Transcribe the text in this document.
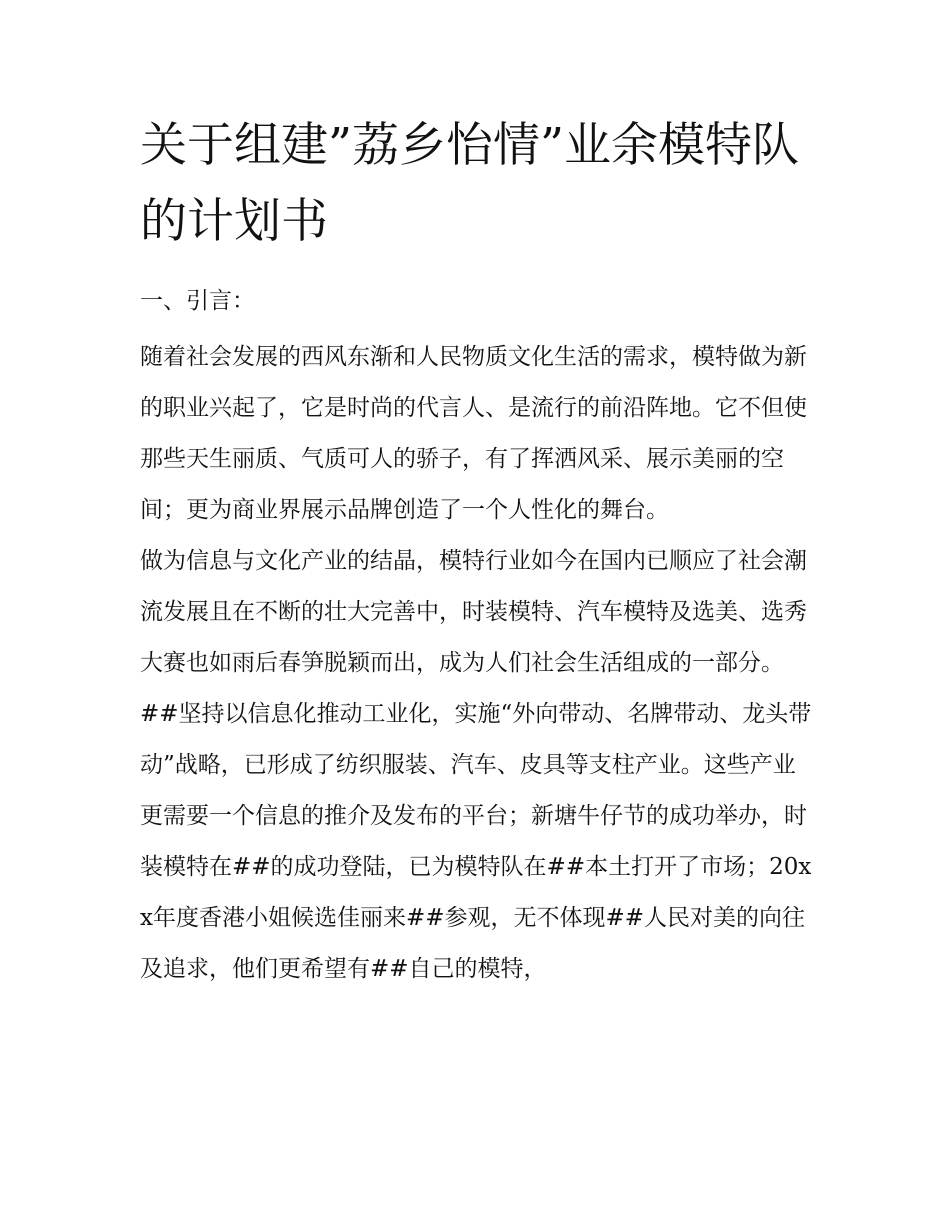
关于组建”荔乡怡情”业余模特队的计划书
一、引言：

随着社会发展的西风东渐和人民物质文化生活的需求，模特做为新的职业兴起了，它是时尚的代言人、是流行的前沿阵地。它不但使那些天生丽质、气质可人的骄子，有了挥洒风采、展示美丽的空间；更为商业界展示品牌创造了一个人性化的舞台。

做为信息与文化产业的结晶，模特行业如今在国内已顺应了社会潮流发展且在不断的壮大完善中，时装模特、汽车模特及选美、选秀大赛也如雨后春笋脱颖而出，成为人们社会生活组成的一部分。

##坚持以信息化推动工业化，实施“外向带动、名牌带动、龙头带动”战略，已形成了纺织服装、汽车、皮具等支柱产业。这些产业更需要一个信息的推介及发布的平台；新塘牛仔节的成功举办，时装模特在##的成功登陆，已为模特队在##本土打开了市场；20xx年度香港小姐候选佳丽来##参观，无不体现##人民对美的向往及追求，他们更希望有##自己的模特，
